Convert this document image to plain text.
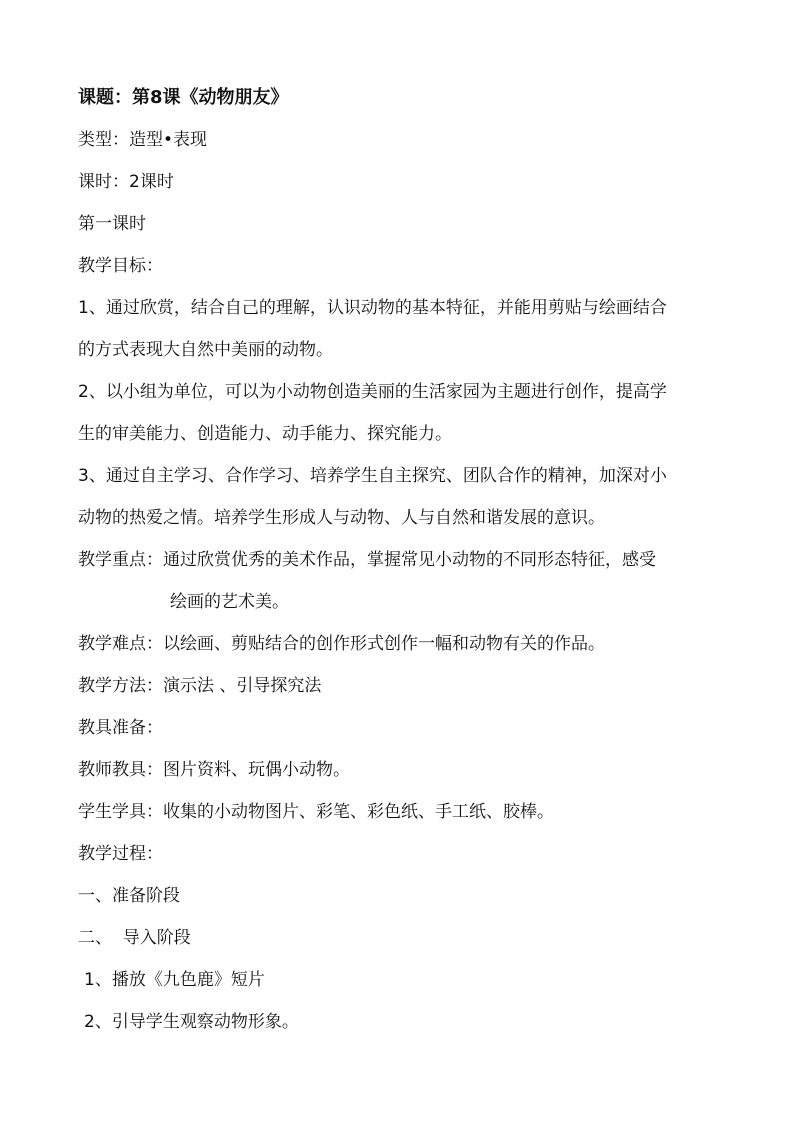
课题：第8课《动物朋友》

类型：造型•表现

课时：2课时

第一课时

教学目标：

1、通过欣赏，结合自己的理解，认识动物的基本特征，并能用剪贴与绘画结合

的方式表现大自然中美丽的动物。

2、以小组为单位，可以为小动物创造美丽的生活家园为主题进行创作，提高学

生的审美能力、创造能力、动手能力、探究能力。

3、通过自主学习、合作学习、培养学生自主探究、团队合作的精神，加深对小

动物的热爱之情。培养学生形成人与动物、人与自然和谐发展的意识。

教学重点：通过欣赏优秀的美术作品，掌握常见小动物的不同形态特征，感受

绘画的艺术美。

教学难点：以绘画、剪贴结合的创作形式创作一幅和动物有关的作品。

教学方法：演示法 、引导探究法

教具准备：

教师教具：图片资料、玩偶小动物。

学生学具：收集的小动物图片、彩笔、彩色纸、手工纸、胶棒。

教学过程：

一、准备阶段

二、  导入阶段

1、播放《九色鹿》短片

2、引导学生观察动物形象。
